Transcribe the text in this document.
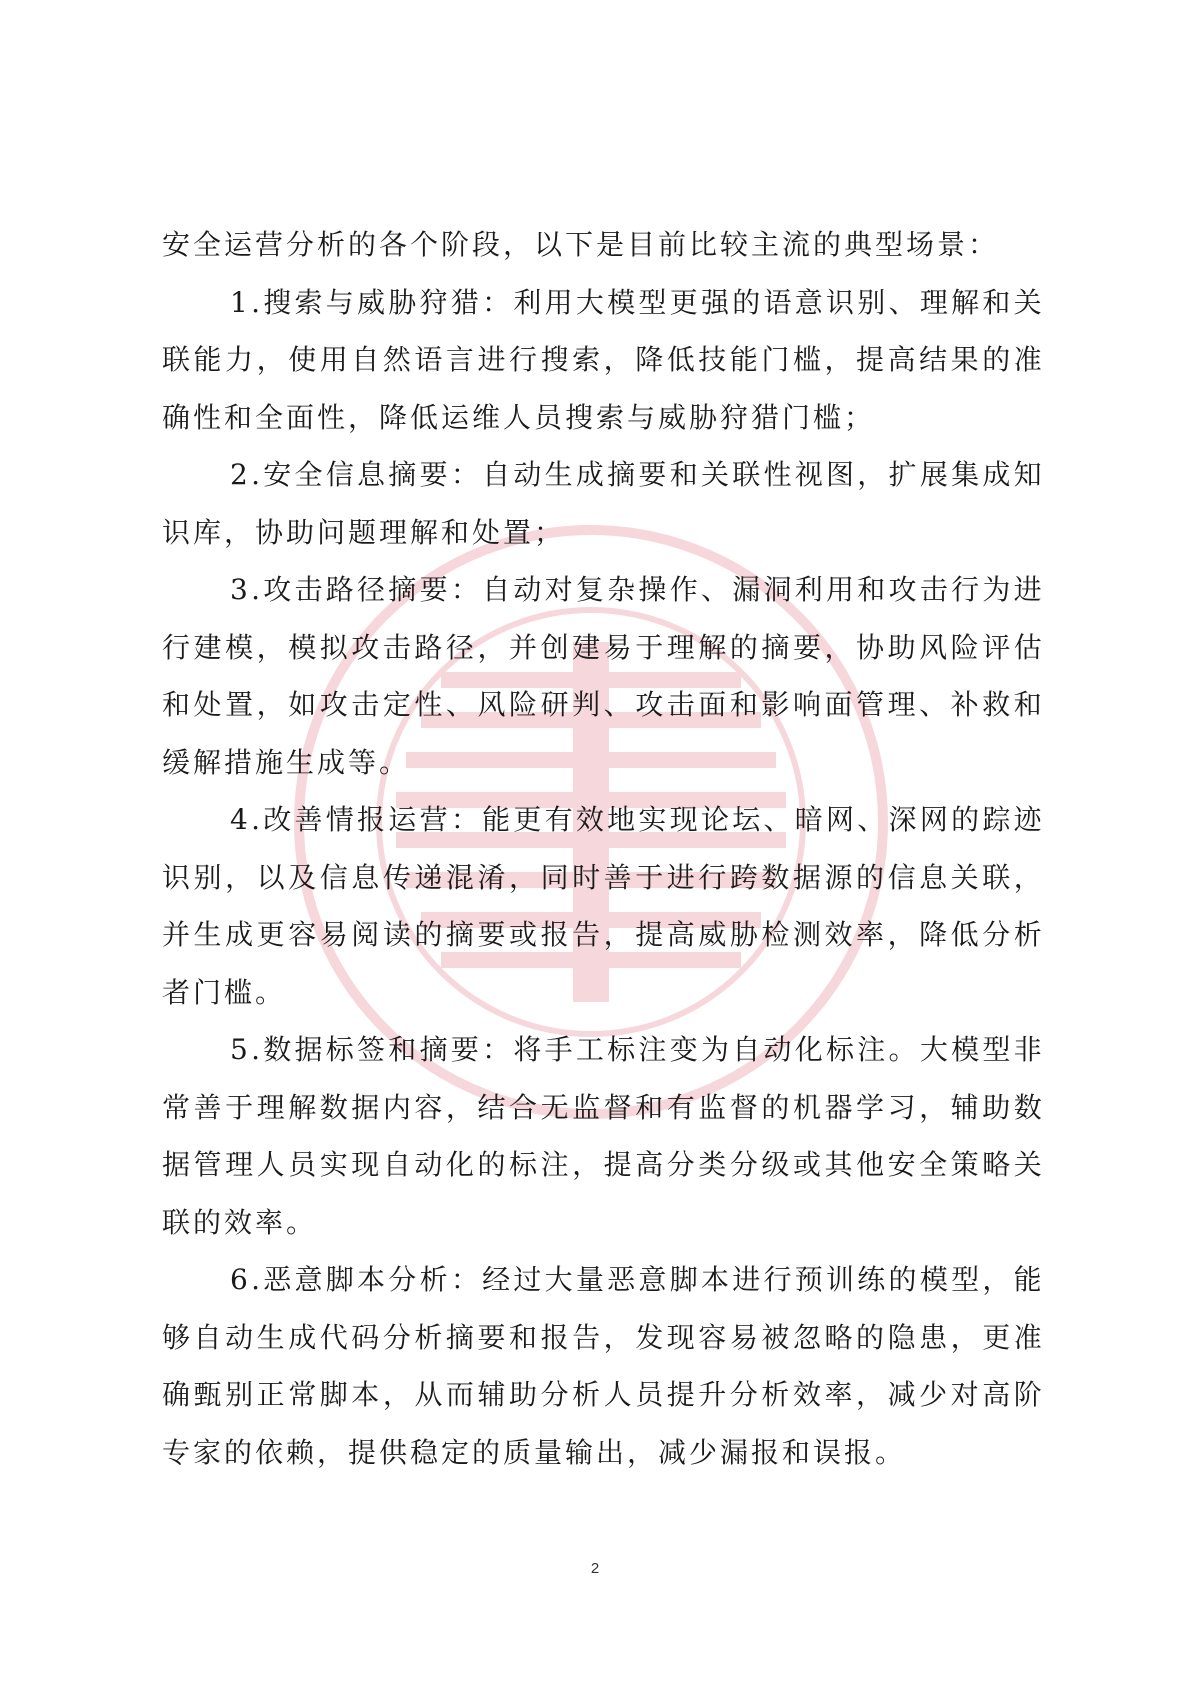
安全运营分析的各个阶段，以下是目前比较主流的典型场景：
1 . 搜 索 与 威 胁 狩 猎 ： 利 用 大 模 型 更 强 的 语 意 识 别 、 理 解 和 关
联 能 力 ， 使 用 自 然 语 言 进 行 搜 索 ， 降 低 技 能 门 槛 ， 提 高 结 果 的 准
确性和全面性，降低运维人员搜索与威胁狩猎门槛；
2 . 安 全 信 息 摘 要 ： 自 动 生 成 摘 要 和 关 联 性 视 图 ， 扩 展 集 成 知
识库，协助问题理解和处置；
3 . 攻 击 路 径 摘 要 ： 自 动 对 复 杂 操 作 、 漏 洞 利 用 和 攻 击 行 为 进
行 建 模 ， 模 拟 攻 击 路 径 ， 并 创 建 易 于 理 解 的 摘 要 ， 协 助 风 险 评 估
和 处 置 ， 如 攻 击 定 性 、 风 险 研 判 、 攻 击 面 和 影 响 面 管 理 、 补 救 和
缓解措施生成等。
4 . 改 善 情 报 运 营 ： 能 更 有 效 地 实 现 论 坛 、 暗 网 、 深 网 的 踪 迹
识 别 ， 以 及 信 息 传 递 混 淆 ， 同 时 善 于 进 行 跨 数 据 源 的 信 息 关 联 ，
并 生 成 更 容 易 阅 读 的 摘 要 或 报 告 ， 提 高 威 胁 检 测 效 率 ， 降 低 分 析
者门槛。
5 . 数 据 标 签 和 摘 要 ： 将 手 工 标 注 变 为 自 动 化 标 注 。 大 模 型 非
常 善 于 理 解 数 据 内 容 ， 结 合 无 监 督 和 有 监 督 的 机 器 学 习 ， 辅 助 数
据 管 理 人 员 实 现 自 动 化 的 标 注 ， 提 高 分 类 分 级 或 其 他 安 全 策 略 关
联的效率。
6 . 恶 意 脚 本 分 析 ： 经 过 大 量 恶 意 脚 本 进 行 预 训 练 的 模 型 ， 能
够 自 动 生 成 代 码 分 析 摘 要 和 报 告 ， 发 现 容 易 被 忽 略 的 隐 患 ， 更 准
确 甄 别 正 常 脚 本 ， 从 而 辅 助 分 析 人 员 提 升 分 析 效 率 ， 减 少 对 高 阶
专家的依赖，提供稳定的质量输出，减少漏报和误报。
2
